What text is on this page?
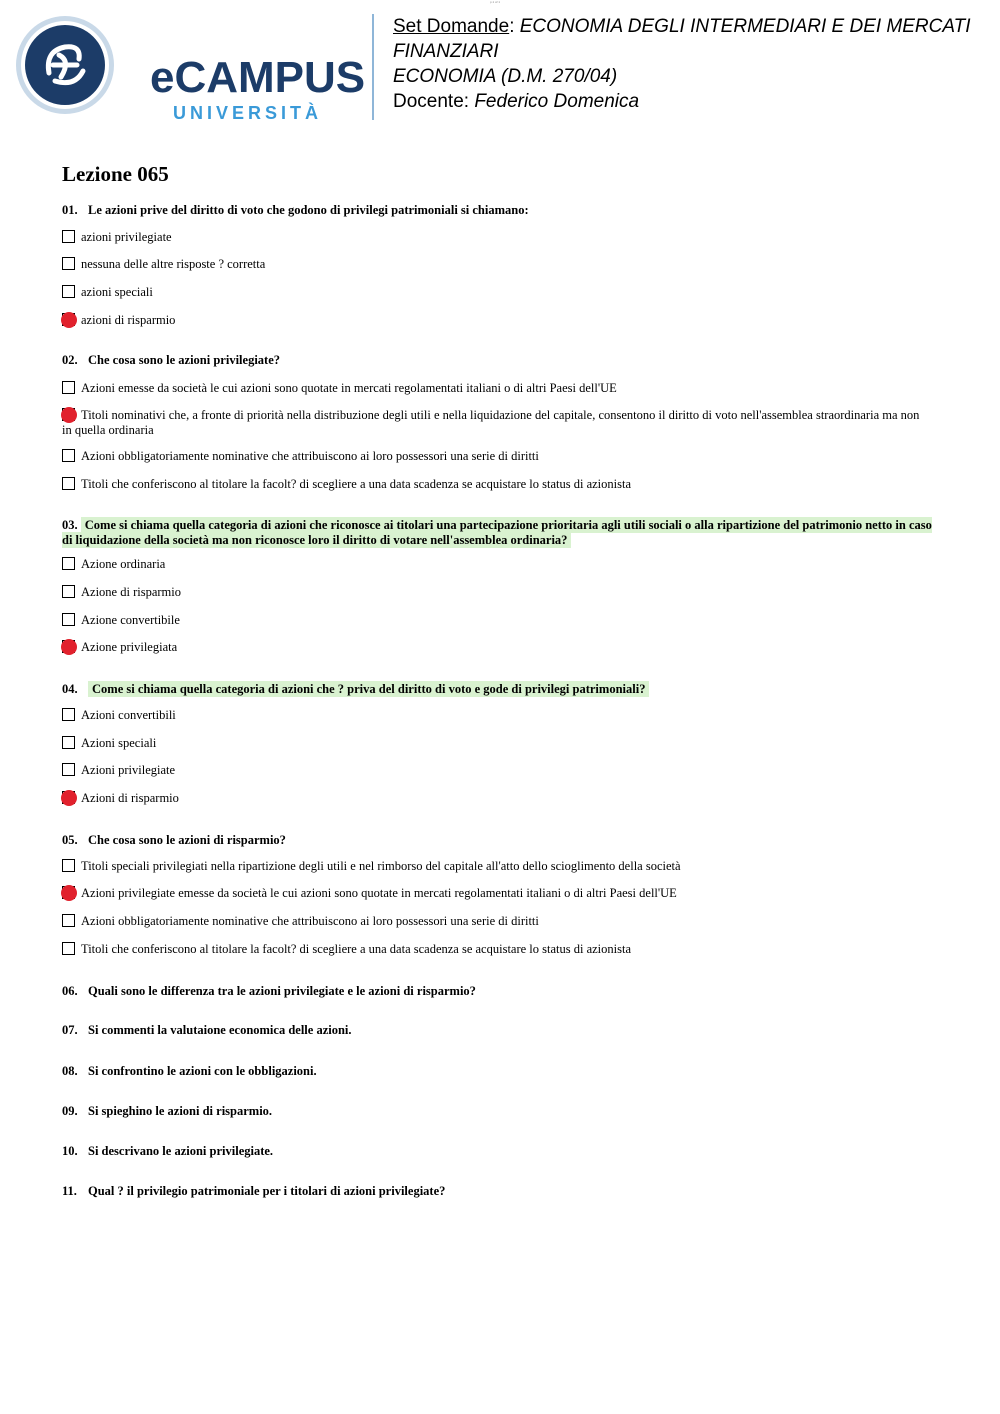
p.1 of 1
eCAMPUS
UNIVERSITÀ
Set Domande: ECONOMIA DEGLI INTERMEDIARI E DEI MERCATI FINANZIARI
ECONOMIA (D.M. 270/04)
Docente: Federico Domenica
Lezione 065
01. Le azioni prive del diritto di voto che godono di privilegi patrimoniali si chiamano:
azioni privilegiate
nessuna delle altre risposte ? corretta
azioni speciali
azioni di risparmio
02. Che cosa sono le azioni privilegiate?
Azioni emesse da società le cui azioni sono quotate in mercati regolamentati italiani o di altri Paesi dell'UE
Titoli nominativi che, a fronte di priorità nella distribuzione degli utili e nella liquidazione del capitale, consentono il diritto di voto nell'assemblea straordinaria ma non in quella ordinaria
Azioni obbligatoriamente nominative che attribuiscono ai loro possessori una serie di diritti
Titoli che conferiscono al titolare la facolt? di scegliere a una data scadenza se acquistare lo status di azionista
03. Come si chiama quella categoria di azioni che riconosce ai titolari una partecipazione prioritaria agli utili sociali o alla ripartizione del patrimonio netto in caso di liquidazione della società ma non riconosce loro il diritto di votare nell'assemblea ordinaria?
Azione ordinaria
Azione di risparmio
Azione convertibile
Azione privilegiata
04. Come si chiama quella categoria di azioni che ? priva del diritto di voto e gode di privilegi patrimoniali?
Azioni convertibili
Azioni speciali
Azioni privilegiate
Azioni di risparmio
05. Che cosa sono le azioni di risparmio?
Titoli speciali privilegiati nella ripartizione degli utili e nel rimborso del capitale all'atto dello scioglimento della società
Azioni privilegiate emesse da società le cui azioni sono quotate in mercati regolamentati italiani o di altri Paesi dell'UE
Azioni obbligatoriamente nominative che attribuiscono ai loro possessori una serie di diritti
Titoli che conferiscono al titolare la facolt? di scegliere a una data scadenza se acquistare lo status di azionista
06. Quali sono le differenza tra le azioni privilegiate e le azioni di risparmio?
07. Si commenti la valutaione economica delle azioni.
08. Si confrontino le azioni con le obbligazioni.
09. Si spieghino le azioni di risparmio.
10. Si descrivano le azioni privilegiate.
11. Qual ? il privilegio patrimoniale per i titolari di azioni privilegiate?
